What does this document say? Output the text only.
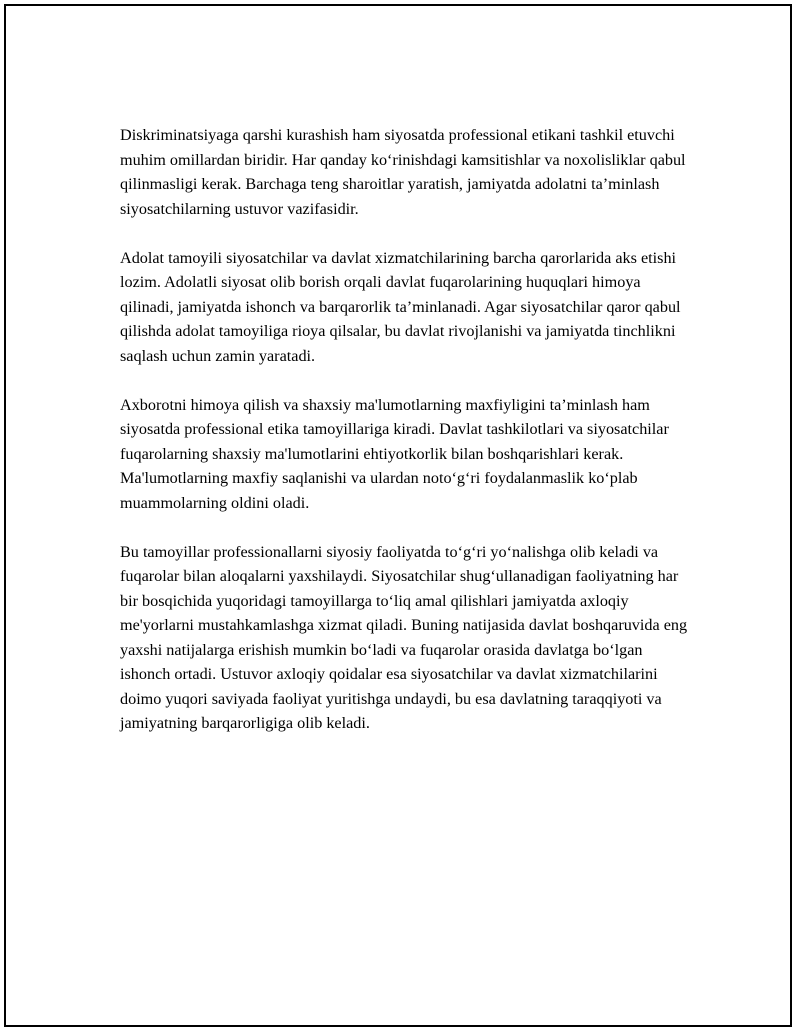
Diskriminatsiyaga qarshi kurashish ham siyosatda professional etikani tashkil etuvchi muhim omillardan biridir. Har qanday ko‘rinishdagi kamsitishlar va noxolisliklar qabul qilinmasligi kerak. Barchaga teng sharoitlar yaratish, jamiyatda adolatni ta’minlash siyosatchilarning ustuvor vazifasidir.

Adolat tamoyili siyosatchilar va davlat xizmatchilarining barcha qarorlarida aks etishi lozim. Adolatli siyosat olib borish orqali davlat fuqarolarining huquqlari himoya qilinadi, jamiyatda ishonch va barqarorlik ta’minlanadi. Agar siyosatchilar qaror qabul qilishda adolat tamoyiliga rioya qilsalar, bu davlat rivojlanishi va jamiyatda tinchlikni saqlash uchun zamin yaratadi.

Axborotni himoya qilish va shaxsiy ma'lumotlarning maxfiyligini ta’minlash ham siyosatda professional etika tamoyillariga kiradi. Davlat tashkilotlari va siyosatchilar fuqarolarning shaxsiy ma'lumotlarini ehtiyotkorlik bilan boshqarishlari kerak. Ma'lumotlarning maxfiy saqlanishi va ulardan noto‘g‘ri foydalanmaslik ko‘plab muammolarning oldini oladi.

Bu tamoyillar professionallarni siyosiy faoliyatda to‘g‘ri yo‘nalishga olib keladi va fuqarolar bilan aloqalarni yaxshilaydi. Siyosatchilar shug‘ullanadigan faoliyatning har bir bosqichida yuqoridagi tamoyillarga to‘liq amal qilishlari jamiyatda axloqiy me'yorlarni mustahkamlashga xizmat qiladi. Buning natijasida davlat boshqaruvida eng yaxshi natijalarga erishish mumkin bo‘ladi va fuqarolar orasida davlatga bo‘lgan ishonch ortadi. Ustuvor axloqiy qoidalar esa siyosatchilar va davlat xizmatchilarini doimo yuqori saviyada faoliyat yuritishga undaydi, bu esa davlatning taraqqiyoti va jamiyatning barqarorligiga olib keladi.
